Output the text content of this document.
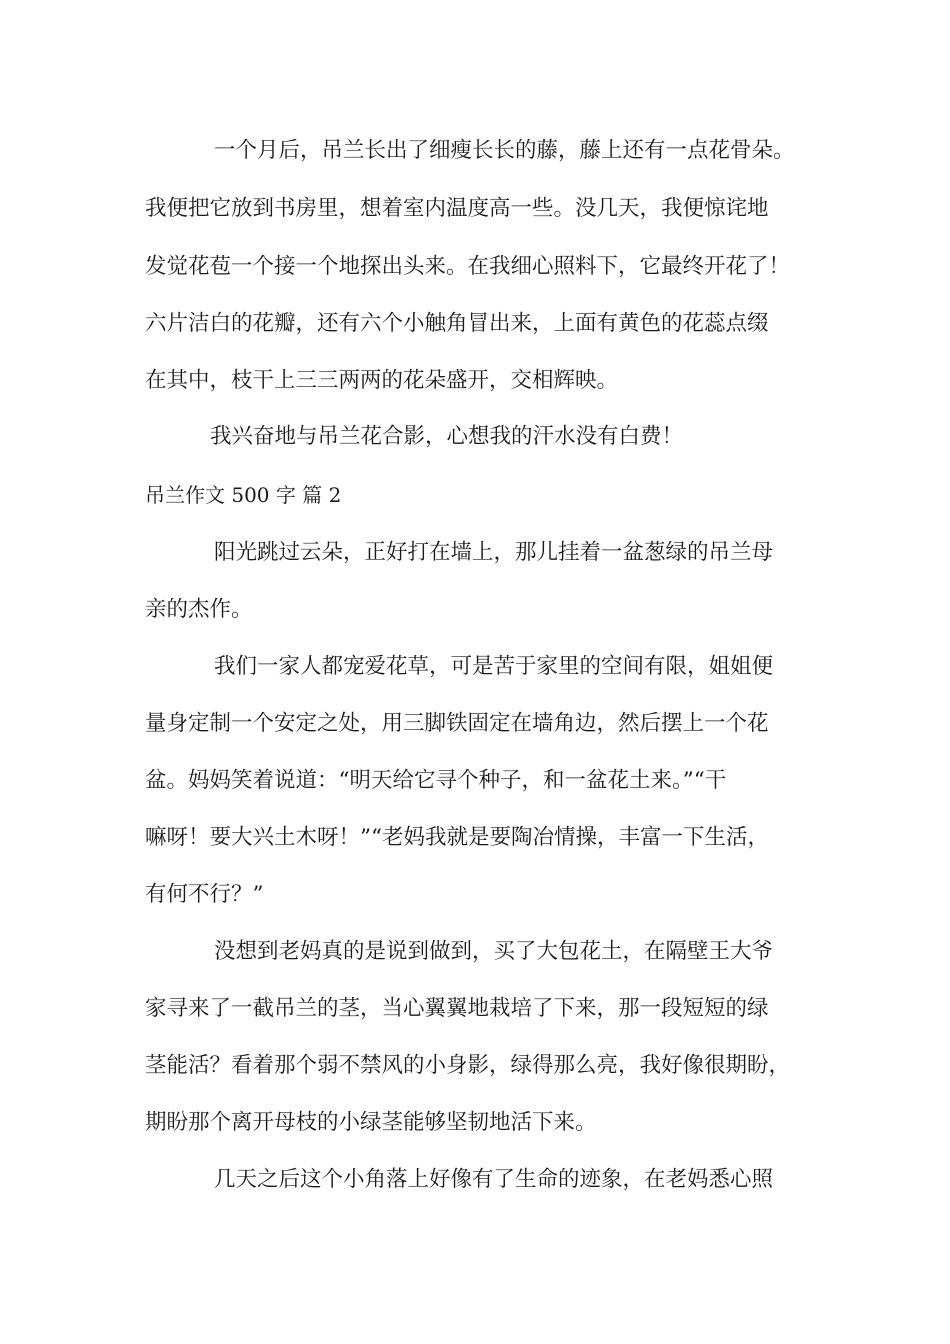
一个月后，吊兰长出了细瘦长长的藤，藤上还有一点花骨朵。
我便把它放到书房里，想着室内温度高一些。没几天，我便惊诧地
发觉花苞一个接一个地探出头来。在我细心照料下，它最终开花了！
六片洁白的花瓣，还有六个小触角冒出来，上面有黄色的花蕊点缀
在其中，枝干上三三两两的花朵盛开，交相辉映。
我兴奋地与吊兰花合影，心想我的汗水没有白费！
吊兰作文 500 字 篇 2
阳光跳过云朵，正好打在墙上，那儿挂着一盆葱绿的吊兰母
亲的杰作。
我们一家人都宠爱花草，可是苦于家里的空间有限，姐姐便
量身定制一个安定之处，用三脚铁固定在墙角边，然后摆上一个花
盆。妈妈笑着说道：“明天给它寻个种子，和一盆花土来。”“干
嘛呀！要大兴土木呀！”“老妈我就是要陶冶情操，丰富一下生活，
有何不行？”
没想到老妈真的是说到做到，买了大包花土，在隔壁王大爷
家寻来了一截吊兰的茎，当心翼翼地栽培了下来，那一段短短的绿
茎能活？看着那个弱不禁风的小身影，绿得那么亮，我好像很期盼，
期盼那个离开母枝的小绿茎能够坚韧地活下来。
几天之后这个小角落上好像有了生命的迹象，在老妈悉心照
